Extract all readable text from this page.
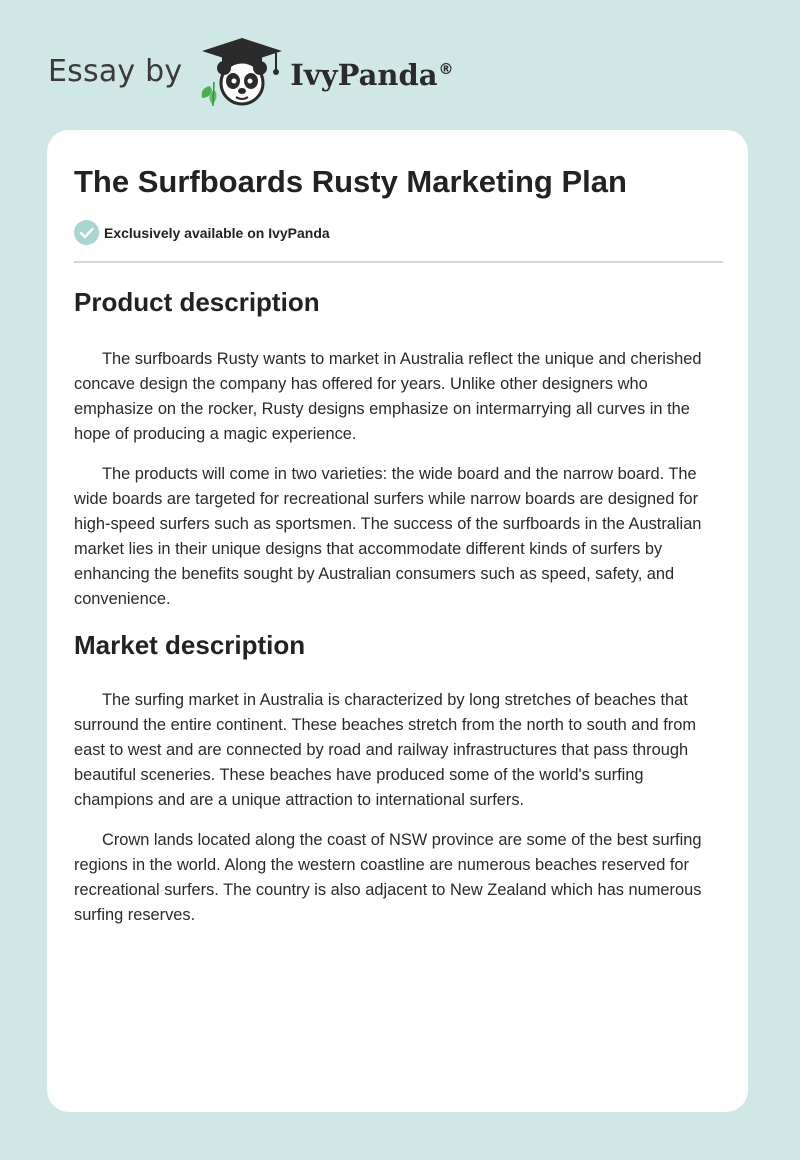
Essay by	IvyPanda®
The Surfboards Rusty Marketing Plan
Exclusively available on IvyPanda
Product description

The surfboards Rusty wants to market in Australia reflect the unique and cherished concave design the company has offered for years. Unlike other designers who emphasize on the rocker, Rusty designs emphasize on intermarrying all curves in the hope of producing a magic experience.

The products will come in two varieties: the wide board and the narrow board. The wide boards are targeted for recreational surfers while narrow boards are designed for high-speed surfers such as sportsmen. The success of the surfboards in the Australian market lies in their unique designs that accommodate different kinds of surfers by enhancing the benefits sought by Australian consumers such as speed, safety, and convenience.

Market description

The surfing market in Australia is characterized by long stretches of beaches that surround the entire continent. These beaches stretch from the north to south and from east to west and are connected by road and railway infrastructures that pass through beautiful sceneries. These beaches have produced some of the world's surfing champions and are a unique attraction to international surfers.

Crown lands located along the coast of NSW province are some of the best surfing regions in the world. Along the western coastline are numerous beaches reserved for recreational surfers. The country is also adjacent to New Zealand which has numerous surfing reserves.
